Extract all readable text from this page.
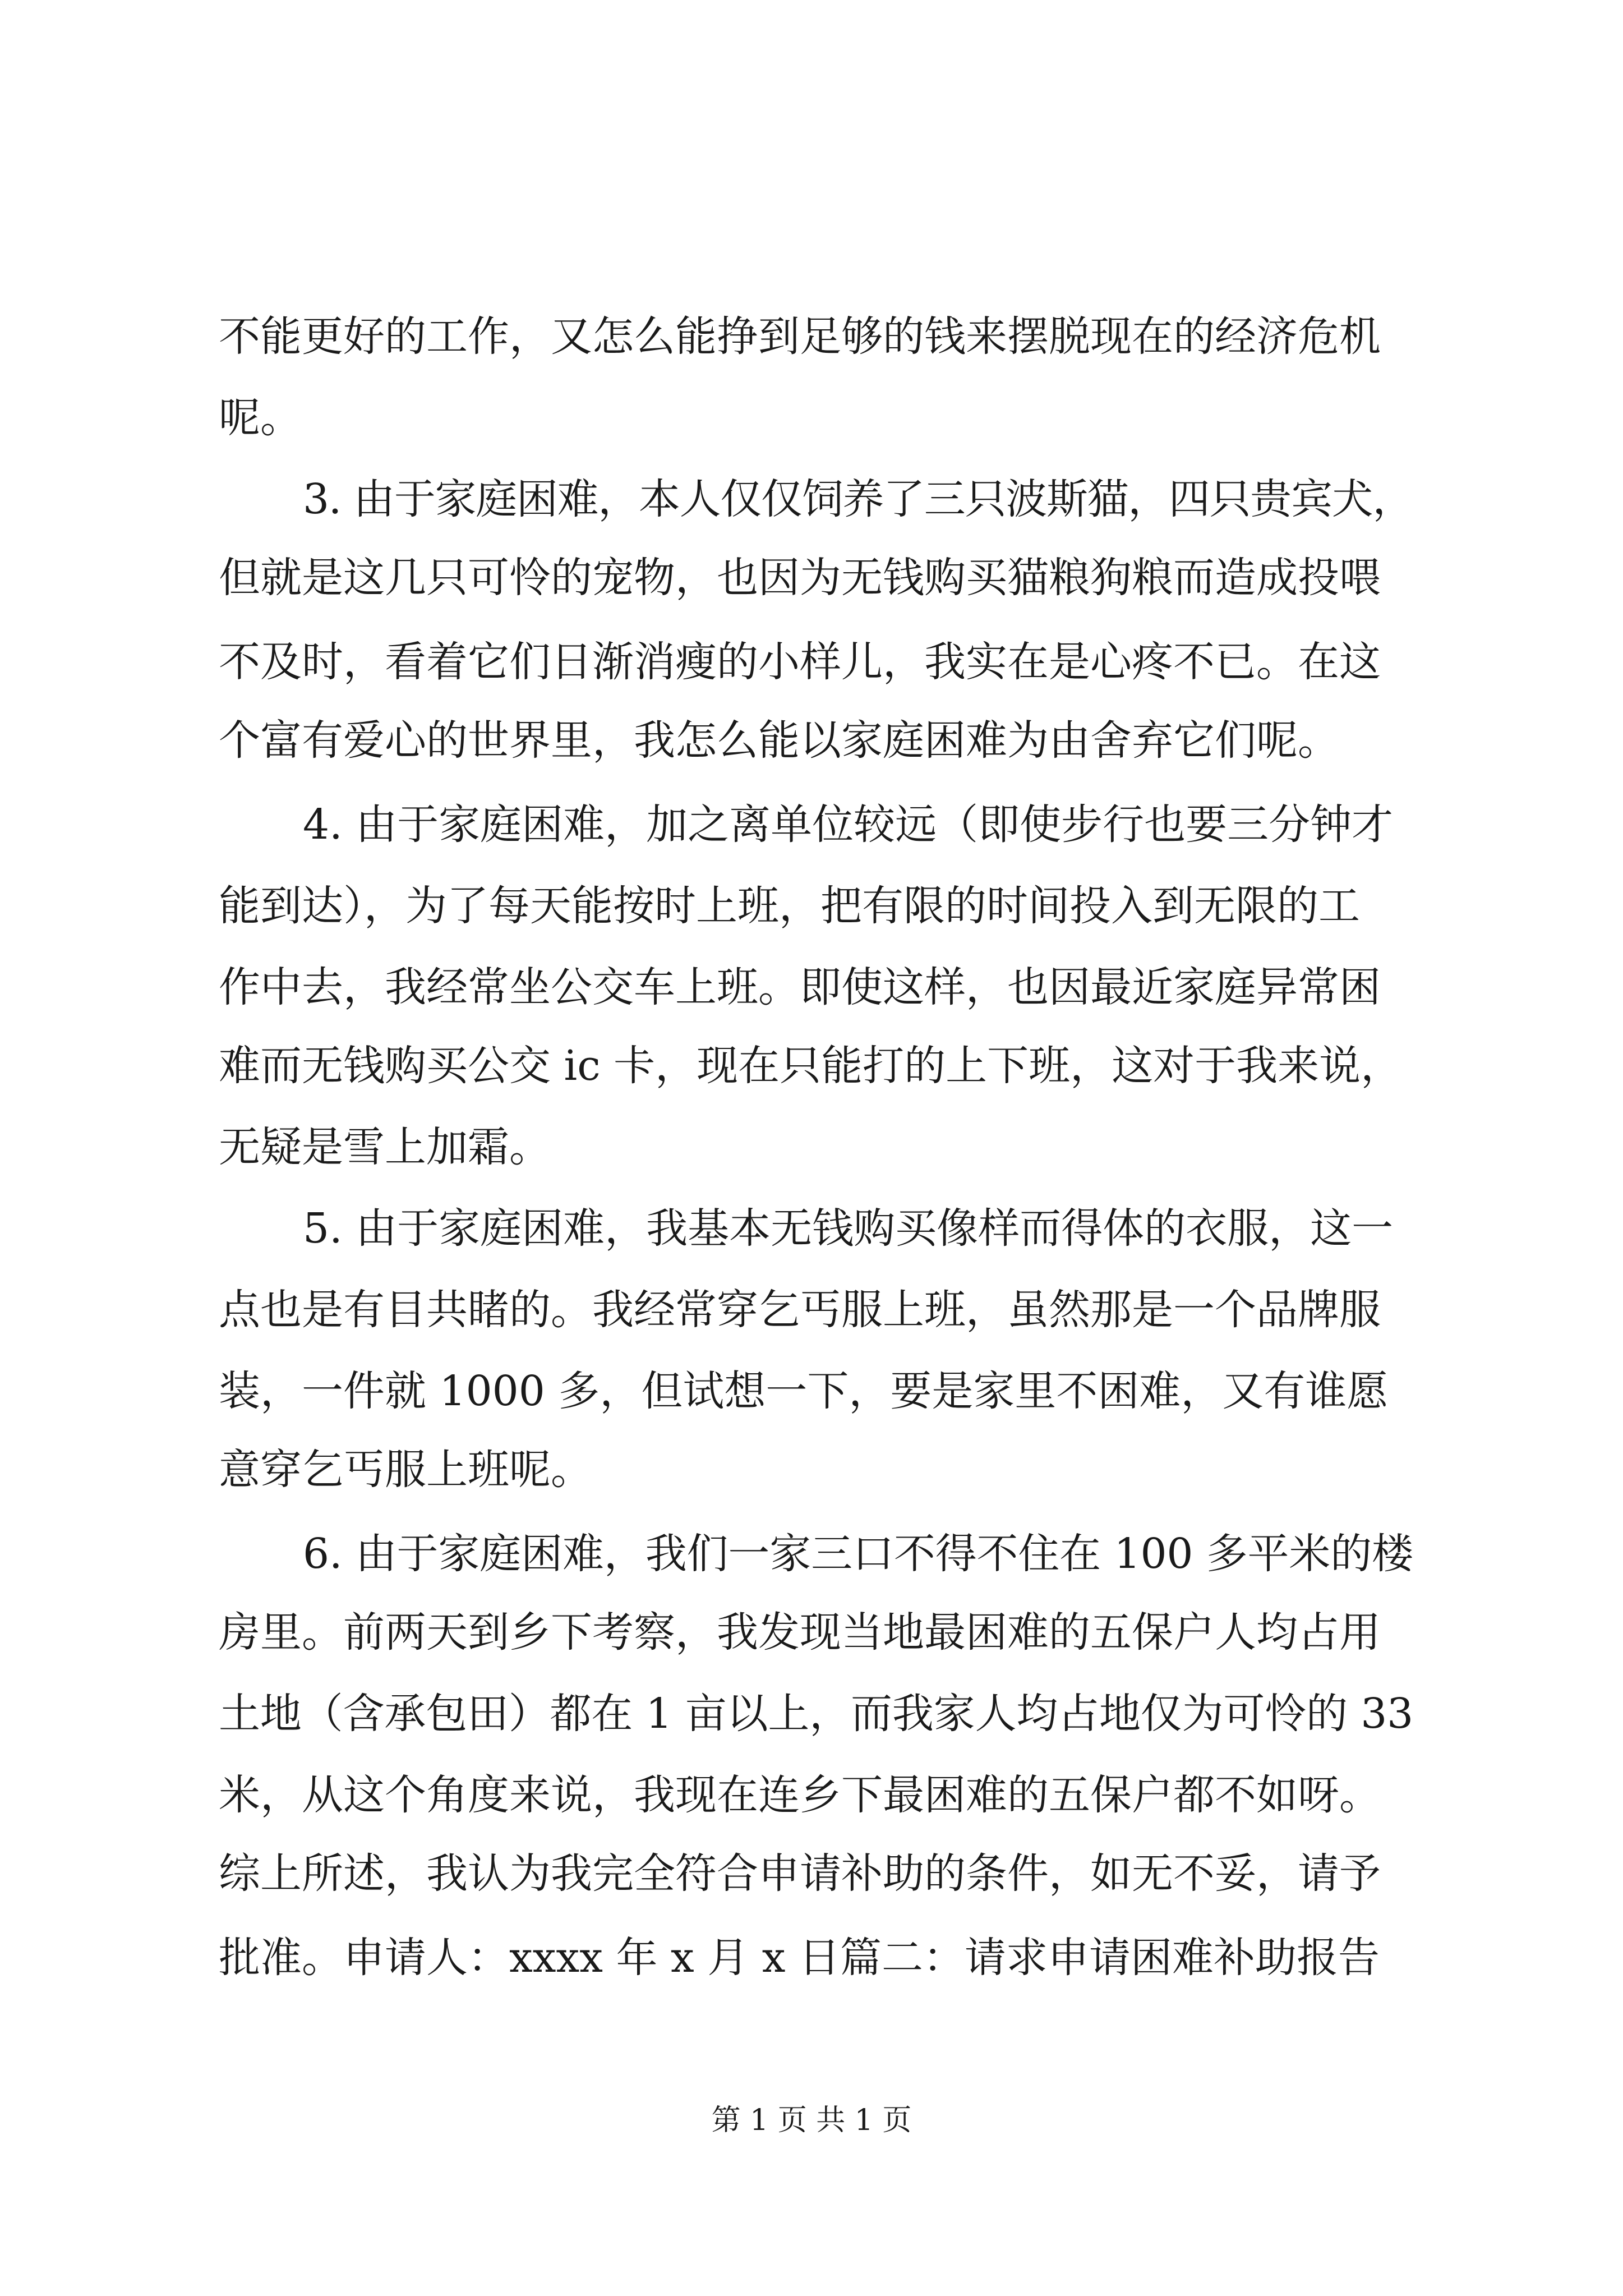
不能更好的工作，又怎么能挣到足够的钱来摆脱现在的经济危机
呢。
3. 由于家庭困难，本人仅仅饲养了三只波斯猫，四只贵宾犬，
但就是这几只可怜的宠物，也因为无钱购买猫粮狗粮而造成投喂
不及时，看着它们日渐消瘦的小样儿，我实在是心疼不已。在这
个富有爱心的世界里，我怎么能以家庭困难为由舍弃它们呢。
4. 由于家庭困难，加之离单位较远（即使步行也要三分钟才
能到达），为了每天能按时上班，把有限的时间投入到无限的工
作中去，我经常坐公交车上班。即使这样，也因最近家庭异常困
难而无钱购买公交 ic 卡，现在只能打的上下班，这对于我来说，
无疑是雪上加霜。
5. 由于家庭困难，我基本无钱购买像样而得体的衣服，这一
点也是有目共睹的。我经常穿乞丐服上班，虽然那是一个品牌服
装，一件就 1000 多，但试想一下，要是家里不困难，又有谁愿
意穿乞丐服上班呢。
6. 由于家庭困难，我们一家三口不得不住在 100 多平米的楼
房里。前两天到乡下考察，我发现当地最困难的五保户人均占用
土地（含承包田）都在 1 亩以上，而我家人均占地仅为可怜的 33
米，从这个角度来说，我现在连乡下最困难的五保户都不如呀。
综上所述，我认为我完全符合申请补助的条件，如无不妥，请予
批准。申请人：xxxx 年 x 月 x 日篇二：请求申请困难补助报告
第 1 页 共 1 页
